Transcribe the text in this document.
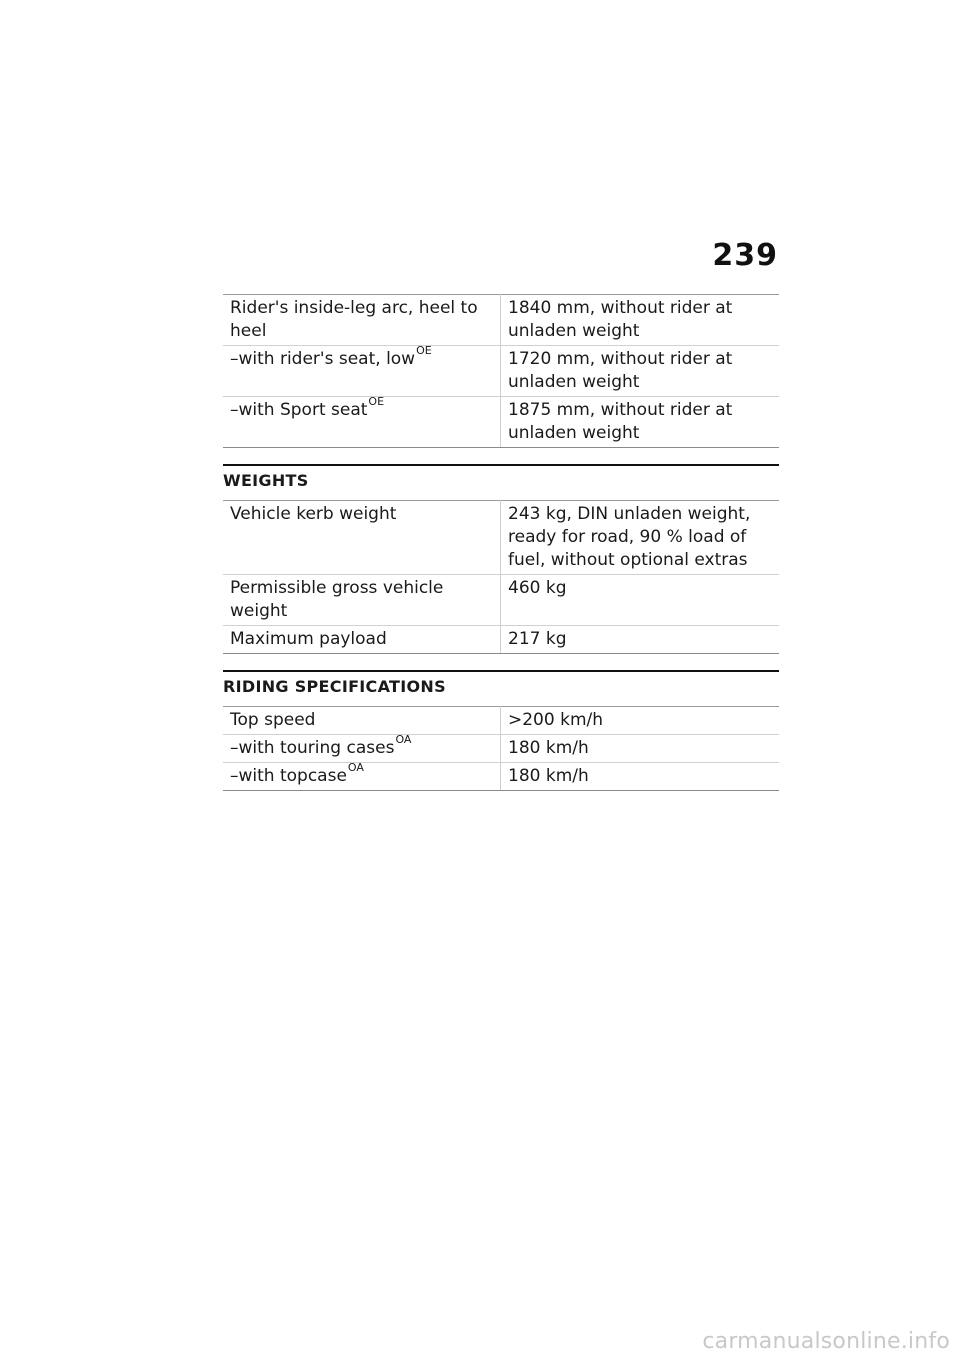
239
Rider's inside-leg arc, heel to heel	1840 mm, without rider at unladen weight
–with rider's seat, low$^{OE}$	1720 mm, without rider at unladen weight
–with Sport seat$^{OE}$	1875 mm, without rider at unladen weight
WEIGHTS
Vehicle kerb weight	243 kg, DIN unladen weight, ready for road, 90 % load of fuel, without optional extras
Permissible gross vehicle weight	460 kg
Maximum payload	217 kg
RIDING SPECIFICATIONS
Top speed	>200 km/h
–with touring cases$^{OA}$	180 km/h
–with topcase$^{OA}$	180 km/h
carmanualsonline.info
